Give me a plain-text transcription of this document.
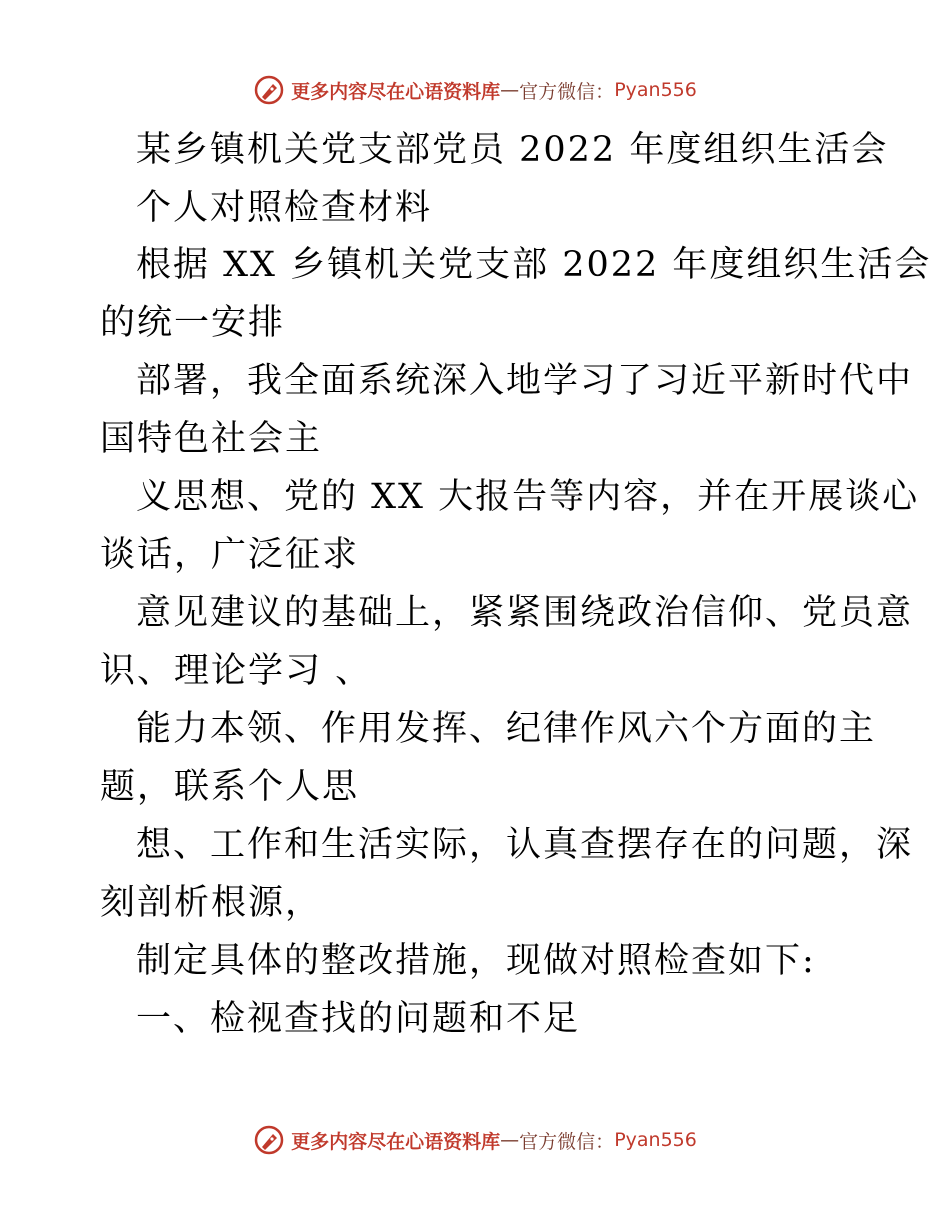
更多内容尽在心语资料库 — 官方微信： Pyan556
某乡镇机关党支部党员 2022 年度组织生活会
个人对照检查材料
根据 XX 乡镇机关党支部 2022 年度组织生活会
的统一安排
部署，我全面系统深入地学习了习近平新时代中
国特色社会主
义思想、党的 XX 大报告等内容，并在开展谈心
谈话，广泛征求
意见建议的基础上，紧紧围绕政治信仰、党员意
识、理论学习 、
能力本领、作用发挥、纪律作风六个方面的主
题，联系个人思
想、工作和生活实际，认真查摆存在的问题，深
刻剖析根源，
制定具体的整改措施，现做对照检查如下:
一、检视查找的问题和不足
更多内容尽在心语资料库 — 官方微信： Pyan556
